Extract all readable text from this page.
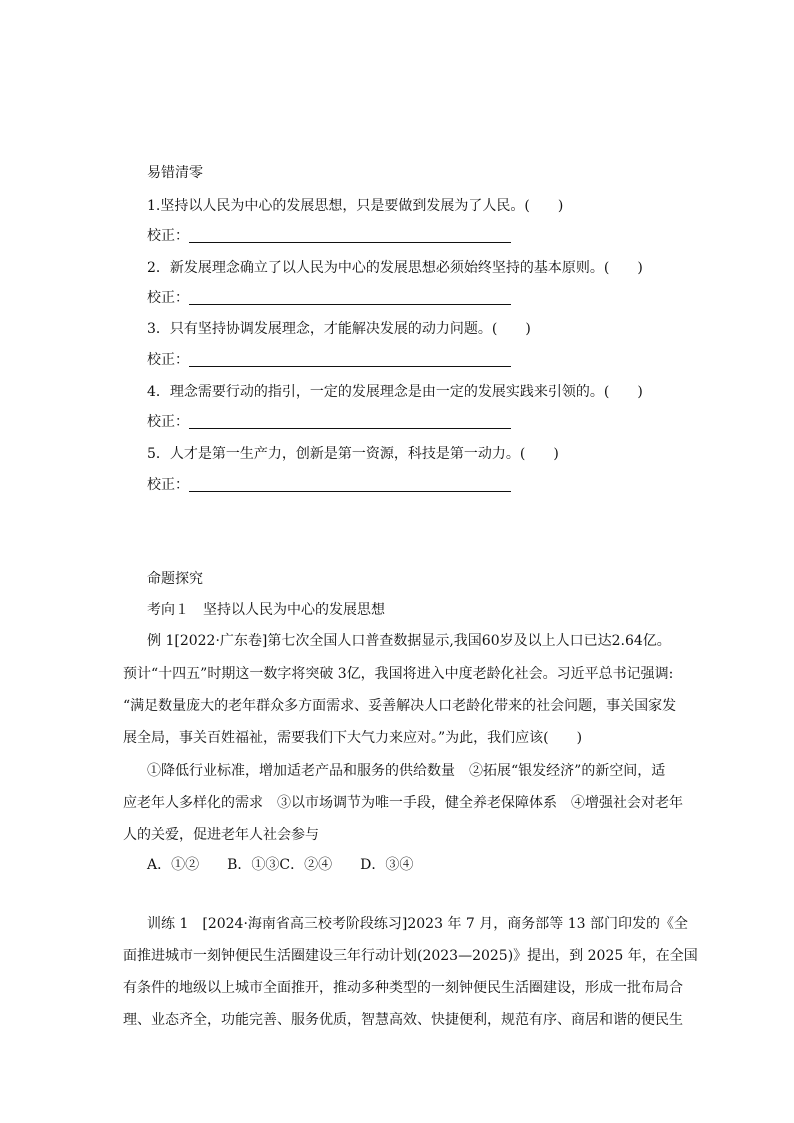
易错清零
1.坚持以人民为中心的发展思想，只是要做到发展为了人民。(　　)
校正：
2．新发展理念确立了以人民为中心的发展思想必须始终坚持的基本原则。(　　)
校正：
3．只有坚持协调发展理念，才能解决发展的动力问题。(　　)
校正：
4．理念需要行动的指引，一定的发展理念是由一定的发展实践来引领的。(　　)
校正：
5．人才是第一生产力，创新是第一资源，科技是第一动力。(　　)
校正：
命题探究
考向１　坚持以人民为中心的发展思想
例 1[2022·广东卷]第七次全国人口普查数据显示,我国60岁及以上人口已达2.64亿。
预计“十四五”时期这一数字将突破 3亿，我国将进入中度老龄化社会。习近平总书记强调:
“满足数量庞大的老年群众多方面需求、妥善解决人口老龄化带来的社会问题，事关国家发
展全局，事关百姓福祉，需要我们下大气力来应对。”为此，我们应该(　　)
①降低行业标准，增加适老产品和服务的供给数量　②拓展“银发经济”的新空间，适
应老年人多样化的需求　③以市场调节为唯一手段，健全养老保障体系　④增强社会对老年
人的关爱，促进老年人社会参与
A．①②　　B．①③C．②④　　D．③④
训练 1　[2024·海南省高三校考阶段练习]2023 年 7 月，商务部等 13 部门印发的《全
面推进城市一刻钟便民生活圈建设三年行动计划(2023—2025)》提出，到 2025 年，在全国
有条件的地级以上城市全面推开，推动多种类型的一刻钟便民生活圈建设，形成一批布局合
理、业态齐全，功能完善、服务优质，智慧高效、快捷便利，规范有序、商居和谐的便民生
